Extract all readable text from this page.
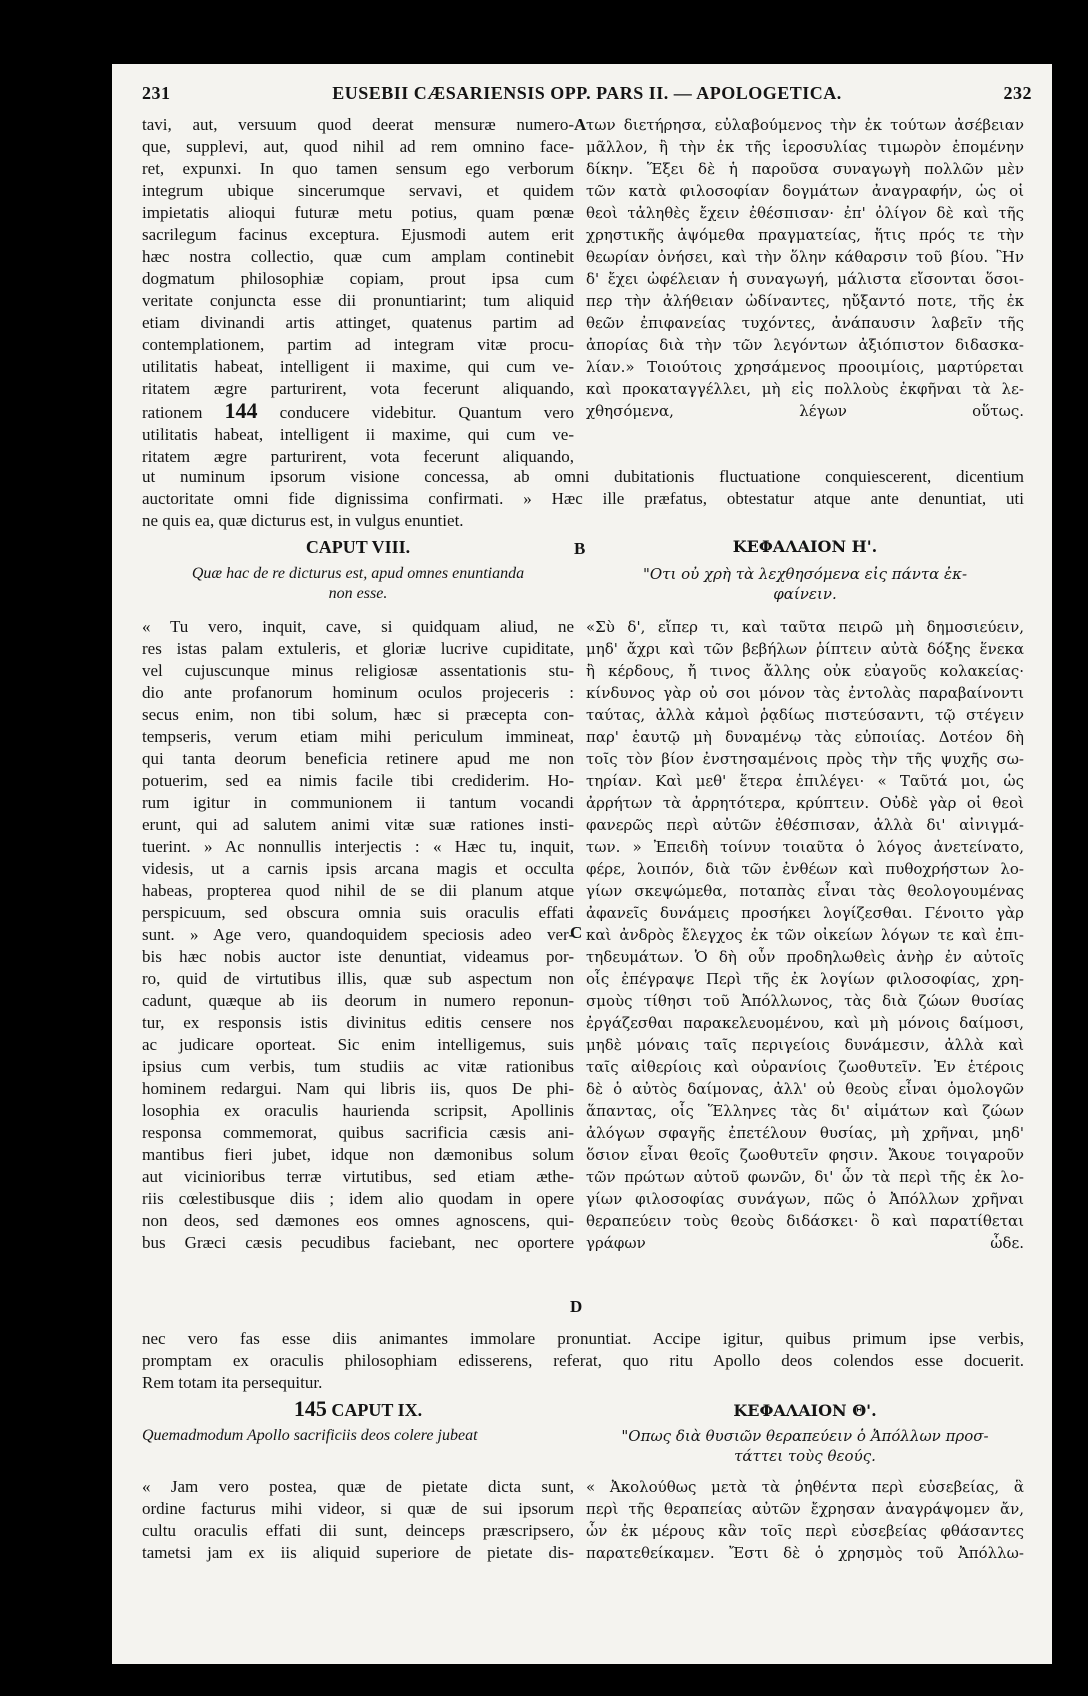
231	EUSEBII CÆSARIENSIS OPP. PARS II. — APOLOGETICA.	232
tavi, aut, versuum quod deerat mensuræ numero-
que, supplevi, aut, quod nihil ad rem omnino face-
ret, expunxi. In quo tamen sensum ego verborum
integrum ubique sincerumque servavi, et quidem
impietatis alioqui futuræ metu potius, quam pœnæ
sacrilegum facinus exceptura. Ejusmodi autem erit
hæc nostra collectio, quæ cum amplam continebit
dogmatum philosophiæ copiam, prout ipsa cum
veritate conjuncta esse dii pronuntiarint; tum aliquid
etiam divinandi artis attinget, quatenus partim ad
contemplationem, partim ad integram vitæ procu-
utilitatis habeat, intelligent ii maxime, qui cum ve-
ritatem ægre parturirent, vota fecerunt aliquando,
rationem 144 conducere videbitur. Quantum vero
utilitatis habeat, intelligent ii maxime, qui cum ve-
ritatem ægre parturirent, vota fecerunt aliquando,
A των διετήρησα, εὐλαβούμενος τὴν ἐκ τούτων ἀσέβειαν
μᾶλλον, ἢ τὴν ἐκ τῆς ἱεροσυλίας τιμωρὸν ἑπομένην
δίκην. Ἕξει δὲ ἡ παροῦσα συναγωγὴ πολλῶν μὲν
τῶν κατὰ φιλοσοφίαν δογμάτων ἀναγραφήν, ὡς οἱ
θεοὶ τἀληθὲς ἔχειν ἐθέσπισαν· ἐπ' ὀλίγον δὲ καὶ τῆς
χρηστικῆς ἁψόμεθα πραγματείας, ἥτις πρός τε τὴν
θεωρίαν ὀνήσει, καὶ τὴν ὅλην κάθαρσιν τοῦ βίου. Ἣν
δ' ἔχει ὠφέλειαν ἡ συναγωγή, μάλιστα εἴσονται ὅσοι-
περ τὴν ἀλήθειαν ὠδίναντες, ηὔξαντό ποτε, τῆς ἐκ
θεῶν ἐπιφανείας τυχόντες, ἀνάπαυσιν λαβεῖν τῆς
ἀπορίας διὰ τὴν τῶν λεγόντων ἀξιόπιστον διδασκα-
λίαν.» Τοιούτοις χρησάμενος προοιμίοις, μαρτύρεται
καὶ προκαταγγέλλει, μὴ εἰς πολλοὺς ἐκφῆναι τὰ λε-
χθησόμενα, λέγων οὕτως.

ut numinum ipsorum visione concessa, ab omni dubitationis fluctuatione conquiescerent, dicentium
auctoritate omni fide dignissima confirmati. » Hæc ille præfatus, obtestatur atque ante denuntiat, uti
ne quis ea, quæ dicturus est, in vulgus enuntiet.
CAPUT VIII.	B	ΚΕΦΑΛΑΙΟΝ Η'.
Quæ hac de re dicturus est, apud omnes enuntianda
non esse.
"Οτι οὐ χρὴ τὰ λεχθησόμενα εἰς πάντα ἐκ-
φαίνειν.
« Tu vero, inquit, cave, si quidquam aliud, ne
res istas palam extuleris, et gloriæ lucrive cupiditate,
vel cujuscunque minus religiosæ assentationis stu-
dio ante profanorum hominum oculos projeceris :
secus enim, non tibi solum, hæc si præcepta con-
tempseris, verum etiam mihi periculum immineat,
qui tanta deorum beneficia retinere apud me non
potuerim, sed ea nimis facile tibi crediderim. Ho-
rum igitur in communionem ii tantum vocandi
erunt, qui ad salutem animi vitæ suæ rationes insti-
tuerint. » Ac nonnullis interjectis : « Hæc tu, inquit,
videsis, ut a carnis ipsis arcana magis et occulta
habeas, propterea quod nihil de se dii planum atque
perspicuum, sed obscura omnia suis oraculis effati
sunt. » Age vero, quandoquidem speciosis adeo ver-
bis hæc nobis auctor iste denuntiat, videamus por-
ro, quid de virtutibus illis, quæ sub aspectum non
cadunt, quæque ab iis deorum in numero reponun-
tur, ex responsis istis divinitus editis censere nos
ac judicare oporteat. Sic enim intelligemus, suis
ipsius cum verbis, tum studiis ac vitæ rationibus
hominem redargui. Nam qui libris iis, quos De phi-
losophia ex oraculis haurienda scripsit, Apollinis
responsa commemorat, quibus sacrificia cæsis ani-
mantibus fieri jubet, idque non dæmonibus solum
aut vicinioribus terræ virtutibus, sed etiam æthe-
riis cœlestibusque diis ; idem alio quodam in opere
non deos, sed dæmones eos omnes agnoscens, qui-
bus Græci cæsis pecudibus faciebant, nec oportere

C
D
«Σὺ δ', εἴπερ τι, καὶ ταῦτα πειρῶ μὴ δημοσιεύειν,
μηδ' ἄχρι καὶ τῶν βεβήλων ῥίπτειν αὐτὰ δόξης ἕνεκα
ἢ κέρδους, ἤ τινος ἄλλης οὐκ εὐαγοῦς κολακείας·
κίνδυνος γὰρ οὐ σοι μόνον τὰς ἐντολὰς παραβαίνοντι
ταύτας, ἀλλὰ κἀμοὶ ῥᾳδίως πιστεύσαντι, τῷ στέγειν
παρ' ἑαυτῷ μὴ δυναμένῳ τὰς εὐποιίας. Δοτέον δὴ
τοῖς τὸν βίον ἐνστησαμένοις πρὸς τὴν τῆς ψυχῆς σω-
τηρίαν. Καὶ μεθ' ἕτερα ἐπιλέγει· « Ταῦτά μοι, ὡς
ἀρρήτων τὰ ἀρρητότερα, κρύπτειν. Οὐδὲ γὰρ οἱ θεοὶ
φανερῶς περὶ αὐτῶν ἐθέσπισαν, ἀλλὰ δι' αἰνιγμά-
των. » Ἐπειδὴ τοίνυν τοιαῦτα ὁ λόγος ἀνετείνατο,
φέρε, λοιπόν, διὰ τῶν ἐνθέων καὶ πυθοχρήστων λο-
γίων σκεψώμεθα, ποταπὰς εἶναι τὰς θεολογουμένας
ἀφανεῖς δυνάμεις προσήκει λογίζεσθαι. Γένοιτο γὰρ
καὶ ἀνδρὸς ἔλεγχος ἐκ τῶν οἰκείων λόγων τε καὶ ἐπι-
τηδευμάτων. Ὁ δὴ οὖν προδηλωθεὶς ἀνὴρ ἐν αὐτοῖς
οἷς ἐπέγραψε Περὶ τῆς ἐκ λογίων φιλοσοφίας, χρη-
σμοὺς τίθησι τοῦ Ἀπόλλωνος, τὰς διὰ ζώων θυσίας
ἐργάζεσθαι παρακελευομένου, καὶ μὴ μόνοις δαίμοσι,
μηδὲ μόναις ταῖς περιγείοις δυνάμεσιν, ἀλλὰ καὶ
ταῖς αἰθερίοις καὶ οὐρανίοις ζωοθυτεῖν. Ἐν ἑτέροις
δὲ ὁ αὐτὸς δαίμονας, ἀλλ' οὐ θεοὺς εἶναι ὁμολογῶν
ἅπαντας, οἷς Ἕλληνες τὰς δι' αἱμάτων καὶ ζώων
ἀλόγων σφαγῆς ἐπετέλουν θυσίας, μὴ χρῆναι, μηδ'
ὅσιον εἶναι θεοῖς ζωοθυτεῖν φησιν. Ἄκουε τοιγαροῦν
τῶν πρώτων αὐτοῦ φωνῶν, δι' ὧν τὰ περὶ τῆς ἐκ λο-
γίων φιλοσοφίας συνάγων, πῶς ὁ Ἀπόλλων χρῆναι
θεραπεύειν τοὺς θεοὺς διδάσκει· ὃ καὶ παρατίθεται
γράφων ὧδε.

nec vero fas esse diis animantes immolare pronuntiat. Accipe igitur, quibus primum ipse verbis,
promptam ex oraculis philosophiam edisserens, referat, quo ritu Apollo deos colendos esse docuerit.
Rem totam ita persequitur.
145 CAPUT IX.	ΚΕΦΑΛΑΙΟΝ Θ'.
Quemadmodum Apollo sacrificiis deos colere jubeat	"Οπως διὰ θυσιῶν θεραπεύειν ὁ Ἀπόλλων προσ-
τάττει τοὺς θεούς.
« Jam vero postea, quæ de pietate dicta sunt,
ordine facturus mihi videor, si quæ de sui ipsorum
cultu oraculis effati dii sunt, deinceps præscripsero,
tametsi jam ex iis aliquid superiore de pietate dis-
« Ἀκολούθως μετὰ τὰ ῥηθέντα περὶ εὐσεβείας, ἃ
περὶ τῆς θεραπείας αὐτῶν ἔχρησαν ἀναγράψομεν ἄν,
ὧν ἐκ μέρους κἂν τοῖς περὶ εὐσεβείας φθάσαντες
παρατεθείκαμεν. Ἔστι δὲ ὁ χρησμὸς τοῦ Ἀπόλλω-
